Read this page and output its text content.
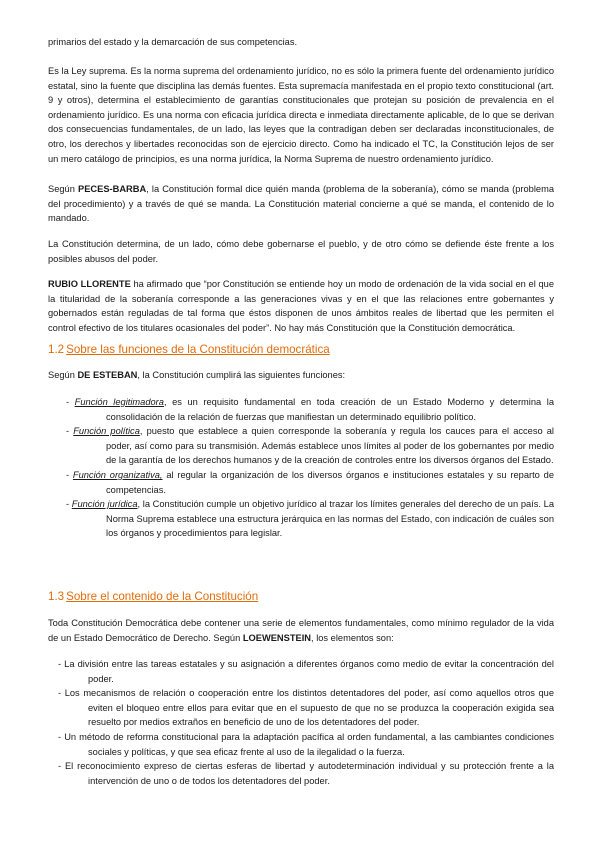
primarios del estado y la demarcación de sus competencias.

Es la Ley suprema. Es la norma suprema del ordenamiento jurídico, no es sólo la primera fuente del ordenamiento jurídico estatal, sino la fuente que disciplina las demás fuentes. Esta supremacía manifestada en el propio texto constitucional (art. 9 y otros), determina el establecimiento de garantías constitucionales que protejan su posición de prevalencia en el ordenamiento jurídico. Es una norma con eficacia jurídica directa e inmediata directamente aplicable, de lo que se derivan dos consecuencias fundamentales, de un lado, las leyes que la contradigan deben ser declaradas inconstitucionales, de otro, los derechos y libertades reconocidas son de ejercicio directo. Como ha indicado el TC, la Constitución lejos de ser un mero catálogo de principios, es una norma jurídica, la Norma Suprema de nuestro ordenamiento jurídico.

Según PECES-BARBA, la Constitución formal dice quién manda (problema de la soberanía), cómo se manda (problema del procedimiento) y a través de qué se manda. La Constitución material concierne a qué se manda, el contenido de lo mandado.

La Constitución determina, de un lado, cómo debe gobernarse el pueblo, y de otro cómo se defiende éste frente a los posibles abusos del poder.

RUBIO LLORENTE ha afirmado que “por Constitución se entiende hoy un modo de ordenación de la vida social en el que la titularidad de la soberanía corresponde a las generaciones vivas y en el que las relaciones entre gobernantes y gobernados están reguladas de tal forma que éstos disponen de unos ámbitos reales de libertad que les permiten el control efectivo de los titulares ocasionales del poder”. No hay más Constitución que la Constitución democrática.

1.2 Sobre las funciones de la Constitución democrática

Según DE ESTEBAN, la Constitución cumplirá las siguientes funciones:

- Función legitimadora, es un requisito fundamental en toda creación de un Estado Moderno y determina la consolidación de la relación de fuerzas que manifiestan un determinado equilibrio político.

- Función política, puesto que establece a quien corresponde la soberanía y regula los cauces para el acceso al poder, así como para su transmisión. Además establece unos límites al poder de los gobernantes por medio de la garantía de los derechos humanos y de la creación de controles entre los diversos órganos del Estado.

- Función organizativa, al regular la organización de los diversos órganos e instituciones estatales y su reparto de competencias.

- Función jurídica, la Constitución cumple un objetivo jurídico al trazar los límites generales del derecho de un país. La Norma Suprema establece una estructura jerárquica en las normas del Estado, con indicación de cuáles son los órganos y procedimientos para legislar.

1.3 Sobre el contenido de la Constitución

Toda Constitución Democrática debe contener una serie de elementos fundamentales, como mínimo regulador de la vida de un Estado Democrático de Derecho. Según LOEWENSTEIN, los elementos son:

- La división entre las tareas estatales y su asignación a diferentes órganos como medio de evitar la concentración del poder.

- Los mecanismos de relación o cooperación entre los distintos detentadores del poder, así como aquellos otros que eviten el bloqueo entre ellos para evitar que en el supuesto de que no se produzca la cooperación exigida sea resuelto por medios extraños en beneficio de uno de los detentadores del poder.

- Un método de reforma constitucional para la adaptación pacífica al orden fundamental, a las cambiantes condiciones sociales y políticas, y que sea eficaz frente al uso de la ilegalidad o la fuerza.

- El reconocimiento expreso de ciertas esferas de libertad y autodeterminación individual y su protección frente a la intervención de uno o de todos los detentadores del poder.
